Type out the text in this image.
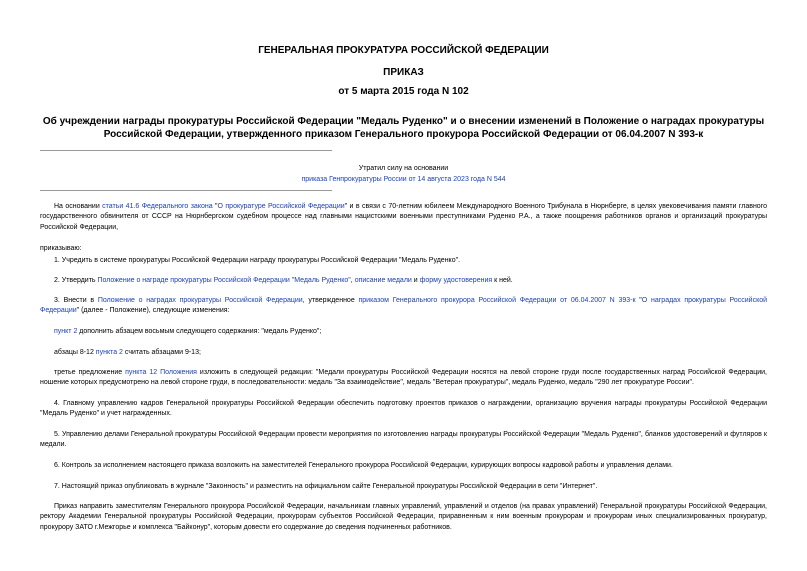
ГЕНЕРАЛЬНАЯ ПРОКУРАТУРА РОССИЙСКОЙ ФЕДЕРАЦИИ
ПРИКАЗ
от 5 марта 2015 года N 102
Об учреждении награды прокуратуры Российской Федерации "Медаль Руденко" и о внесении изменений в Положение о наградах прокуратуры Российской Федерации, утвержденного приказом Генерального прокурора Российской Федерации от 06.04.2007 N 393-к
Утратил силу на основании
приказа Генпрокуратуры России от 14 августа 2023 года N 544
На основании статьи 41.6 Федерального закона "О прокуратуре Российской Федерации" и в связи с 70-летним юбилеем Международного Военного Трибунала в Нюрнберге, в целях увековечивания памяти главного государственного обвинителя от СССР на Нюрнбергском судебном процессе над главными нацистскими военными преступниками Руденко Р.А., а также поощрения работников органов и организаций прокуратуры Российской Федерации,
приказываю:
1. Учредить в системе прокуратуры Российской Федерации награду прокуратуры Российской Федерации "Медаль Руденко".
2. Утвердить Положение о награде прокуратуры Российской Федерации "Медаль Руденко", описание медали и форму удостоверения к ней.
3. Внести в Положение о наградах прокуратуры Российской Федерации, утвержденное приказом Генерального прокурора Российской Федерации от 06.04.2007 N 393-к "О наградах прокуратуры Российской Федерации" (далее - Положение), следующие изменения:
пункт 2 дополнить абзацем восьмым следующего содержания: "медаль Руденко";
абзацы 8-12 пункта 2 считать абзацами 9-13;
третье предложение пункта 12 Положения изложить в следующей редакции: "Медали прокуратуры Российской Федерации носятся на левой стороне груди после государственных наград Российской Федерации, ношение которых предусмотрено на левой стороне груди, в последовательности: медаль "За взаимодействие", медаль "Ветеран прокуратуры", медаль Руденко, медаль "290 лет прокуратуре России".
4. Главному управлению кадров Генеральной прокуратуры Российской Федерации обеспечить подготовку проектов приказов о награждении, организацию вручения награды прокуратуры Российской Федерации "Медаль Руденко" и учет награжденных.
5. Управлению делами Генеральной прокуратуры Российской Федерации провести мероприятия по изготовлению награды прокуратуры Российской Федерации "Медаль Руденко", бланков удостоверений и футляров к медали.
6. Контроль за исполнением настоящего приказа возложить на заместителей Генерального прокурора Российской Федерации, курирующих вопросы кадровой работы и управления делами.
7. Настоящий приказ опубликовать в журнале "Законность" и разместить на официальном сайте Генеральной прокуратуры Российской Федерации в сети "Интернет".
Приказ направить заместителям Генерального прокурора Российской Федерации, начальникам главных управлений, управлений и отделов (на правах управлений) Генеральной прокуратуры Российской Федерации, ректору Академии Генеральной прокуратуры Российской Федерации, прокурорам субъектов Российской Федерации, приравненным к ним военным прокурорам и прокурорам иных специализированных прокуратур, прокурору ЗАТО г.Межгорье и комплекса "Байконур", которым довести его содержание до сведения подчиненных работников.
